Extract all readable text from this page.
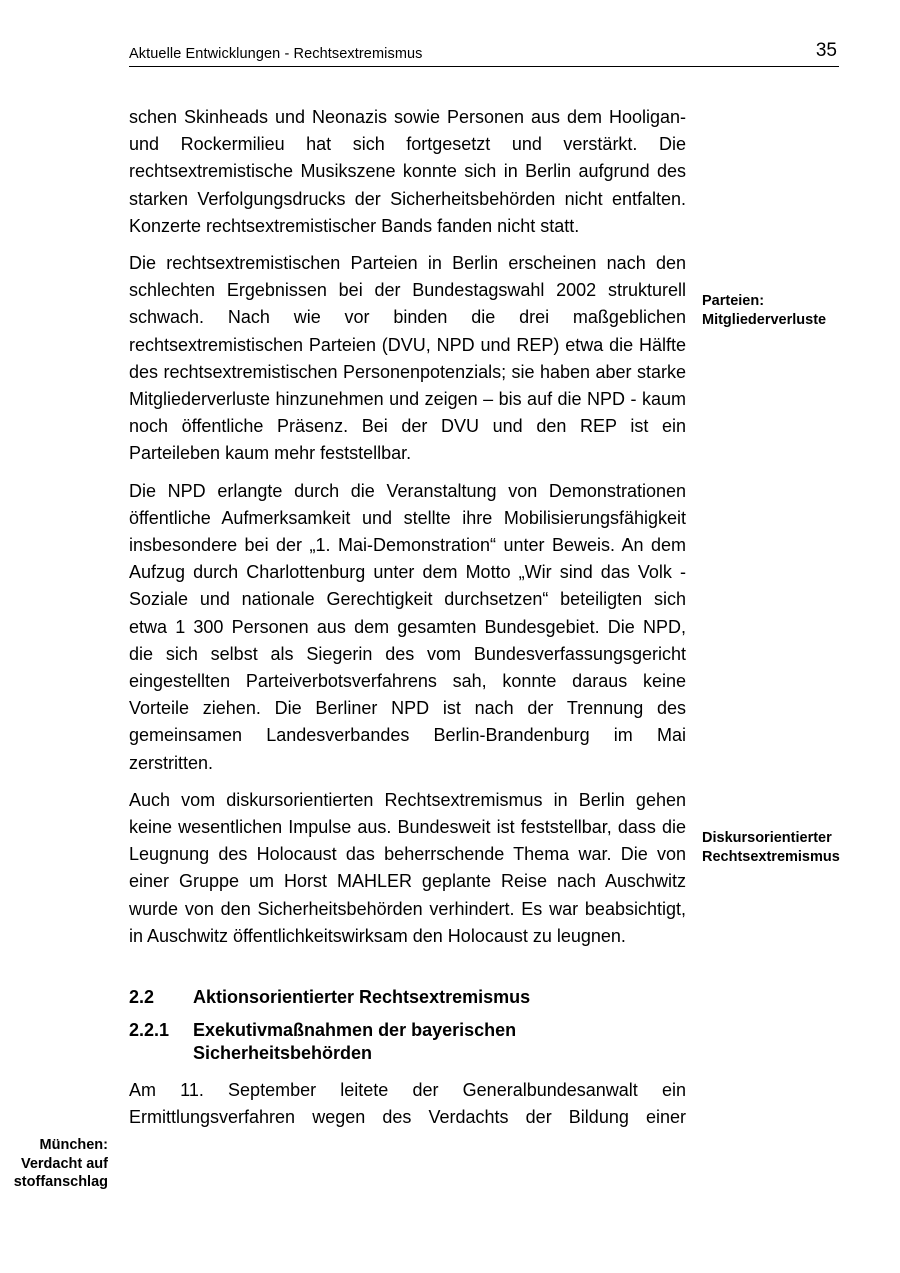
Aktuelle Entwicklungen - Rechtsextremismus	35

schen Skinheads und Neonazis sowie Personen aus dem Hooligan- und Rockermilieu hat sich fortgesetzt und verstärkt. Die rechtsextremistische Musikszene konnte sich in Berlin aufgrund des starken Verfolgungsdrucks der Sicherheitsbehörden nicht entfalten. Konzerte rechtsextremistischer Bands fanden nicht statt.

Die rechtsextremistischen Parteien in Berlin erscheinen nach den schlechten Ergebnissen bei der Bundestagswahl 2002 strukturell schwach. Nach wie vor binden die drei maßgeblichen rechtsextremistischen Parteien (DVU, NPD und REP) etwa die Hälfte des rechtsextremistischen Personenpotenzials; sie haben aber starke Mitgliederverluste hinzunehmen und zeigen – bis auf die NPD - kaum noch öffentliche Präsenz. Bei der DVU und den REP ist ein Parteileben kaum mehr feststellbar.

Die NPD erlangte durch die Veranstaltung von Demonstrationen öffentliche Aufmerksamkeit und stellte ihre Mobilisierungsfähigkeit insbesondere bei der „1. Mai-Demonstration“ unter Beweis. An dem Aufzug durch Charlottenburg unter dem Motto „Wir sind das Volk - Soziale und nationale Gerechtigkeit durchsetzen“ beteiligten sich etwa 1 300 Personen aus dem gesamten Bundesgebiet. Die NPD, die sich selbst als Siegerin des vom Bundesverfassungsgericht eingestellten Parteiverbotsverfahrens sah, konnte daraus keine Vorteile ziehen. Die Berliner NPD ist nach der Trennung des gemeinsamen Landesverbandes Berlin-Brandenburg im Mai zerstritten.

Auch vom diskursorientierten Rechtsextremismus in Berlin gehen keine wesentlichen Impulse aus. Bundesweit ist feststellbar, dass die Leugnung des Holocaust das beherrschende Thema war. Die von einer Gruppe um Horst MAHLER geplante Reise nach Auschwitz wurde von den Sicherheitsbehörden verhindert. Es war beabsichtigt, in Auschwitz öffentlichkeitswirksam den Holocaust zu leugnen.

2.2	Aktionsorientierter Rechtsextremismus
2.2.1	Exekutivmaßnahmen der bayerischen Sicherheitsbehörden

Am 11. September leitete der Generalbundesanwalt ein Ermittlungsverfahren wegen des Verdachts der Bildung einer

Parteien:
Mitgliederverluste
Diskursorientierter
Rechtsextremismus
München:
Verdacht auf
stoffanschlag
